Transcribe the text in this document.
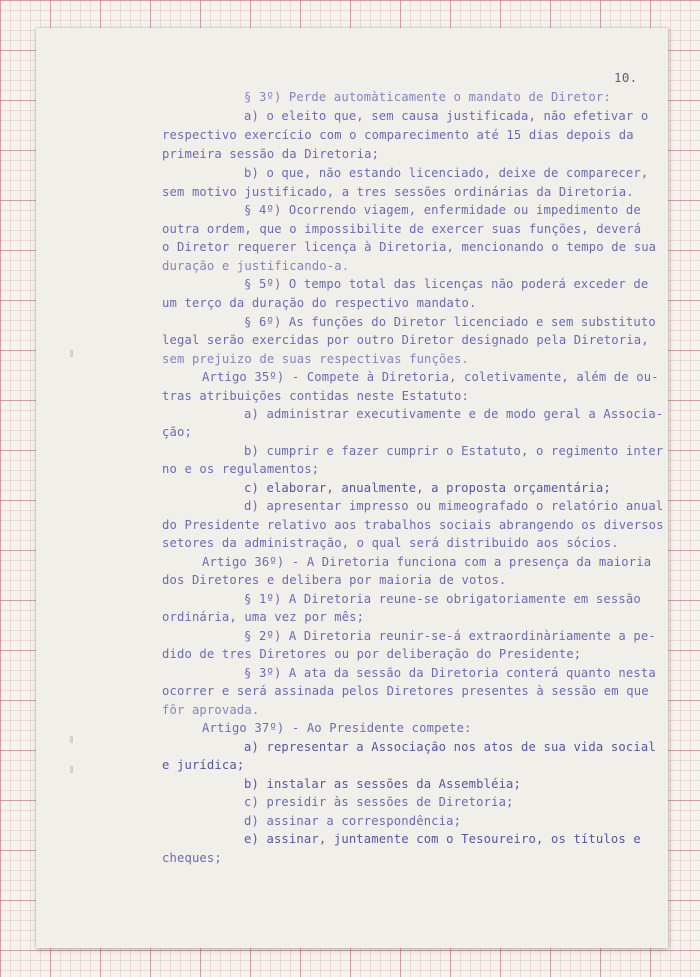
10.
§ 3º) Perde automàticamente o mandato de Diretor:
a) o eleito que, sem causa justificada, não efetivar o
respectivo exercício com o comparecimento até 15 dias depois da
primeira sessão da Diretoria;
b) o que, não estando licenciado, deixe de comparecer,
sem motivo justificado, a tres sessões ordinárias da Diretoria.
§ 4º) Ocorrendo viagem, enfermidade ou impedimento de
outra ordem, que o impossibilite de exercer suas funções, deverá
o Diretor requerer licença à Diretoria, mencionando o tempo de sua
duração e justificando-a.
§ 5º) O tempo total das licenças não poderá exceder de
um terço da duração do respectivo mandato.
§ 6º) As funções do Diretor licenciado e sem substituto
legal serão exercidas por outro Diretor designado pela Diretoria,
sem prejuizo de suas respectivas funções.
Artigo 35º) - Compete à Diretoria, coletivamente, além de ou-
tras atribuições contidas neste Estatuto:
a) administrar executivamente e de modo geral a Associa-
ção;
b) cumprir e fazer cumprir o Estatuto, o regimento inter
no e os regulamentos;
c) elaborar, anualmente, a proposta orçamentária;
d) apresentar impresso ou mimeografado o relatório anual
do Presidente relativo aos trabalhos sociais abrangendo os diversos
setores da administração, o qual será distribuido aos sócios.
Artigo 36º) - A Diretoria funciona com a presença da maioria
dos Diretores e delibera por maioria de votos.
§ 1º) A Diretoria reune-se obrigatoriamente em sessão
ordinária, uma vez por mês;
§ 2º) A Diretoria reunir-se-á extraordinàriamente a pe-
dido de tres Diretores ou por deliberação do Presidente;
§ 3º) A ata da sessão da Diretoria conterá quanto nesta
ocorrer e será assinada pelos Diretores presentes à sessão em que
fôr aprovada.
Artigo 37º) - Ao Presidente compete:
a) representar a Associação nos atos de sua vida social
e jurídica;
b) instalar as sessões da Assembléia;
c) presidir às sessões de Diretoria;
d) assinar a correspondência;
e) assinar, juntamente com o Tesoureiro, os títulos e
cheques;
